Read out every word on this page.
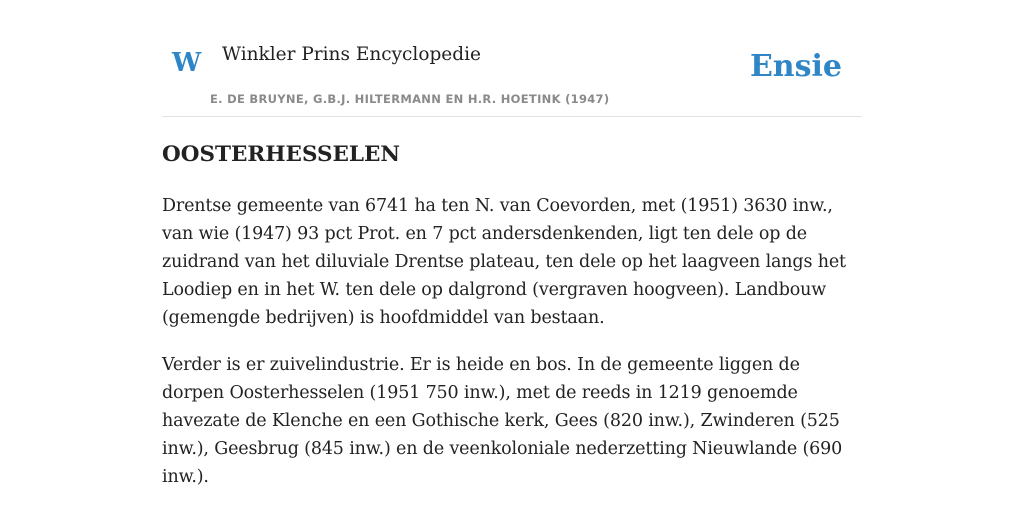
W Winkler Prins Encyclopedie
E. DE BRUYNE, G.B.J. HILTERMANN EN H.R. HOETINK (1947)
Ensie
OOSTERHESSELEN

Drentse gemeente van 6741 ha ten N. van Coevorden, met (1951) 3630 inw., van wie (1947) 93 pct Prot. en 7 pct andersdenkenden, ligt ten dele op de zuidrand van het diluviale Drentse plateau, ten dele op het laagveen langs het Loodiep en in het W. ten dele op dalgrond (vergraven hoogveen). Landbouw (gemengde bedrijven) is hoofdmiddel van bestaan.

Verder is er zuivelindustrie. Er is heide en bos. In de gemeente liggen de dorpen Oosterhesselen (1951 750 inw.), met de reeds in 1219 genoemde havezate de Klenche en een Gothische kerk, Gees (820 inw.), Zwinderen (525 inw.), Geesbrug (845 inw.) en de veenkoloniale nederzetting Nieuwlande (690 inw.).
